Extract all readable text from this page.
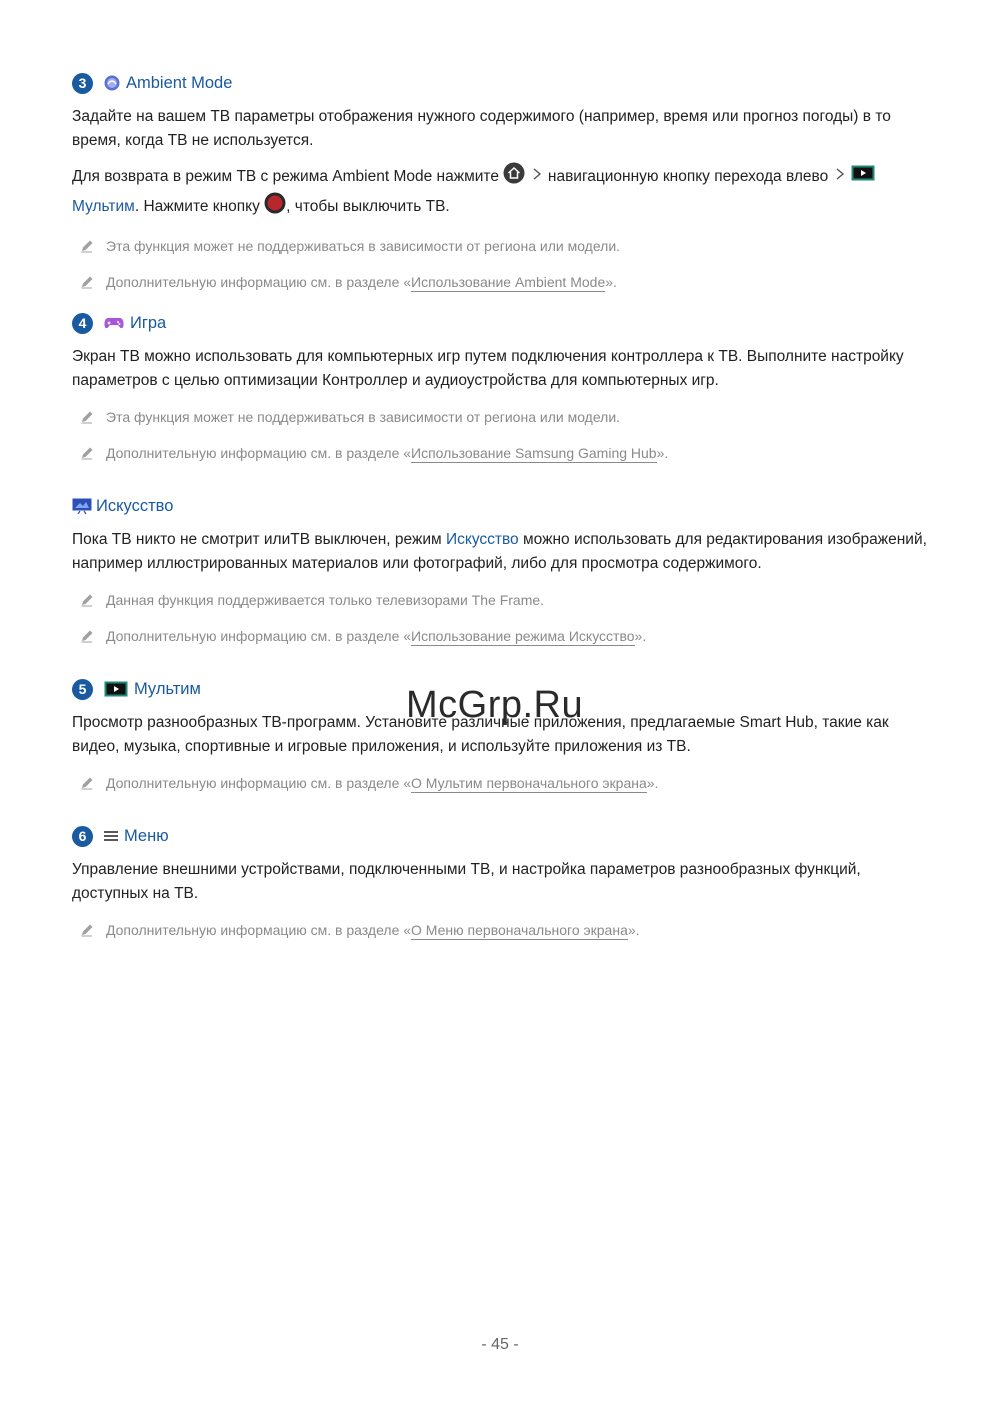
3	Ambient Mode
Задайте на вашем ТВ параметры отображения нужного содержимого (например, время или прогноз погоды) в то время, когда ТВ не используется.
Для возврата в режим ТВ с режима Ambient Mode нажмите	навигационную кнопку перехода влево
Мультим. Нажмите кнопку , чтобы выключить ТВ.
Эта функция может не поддерживаться в зависимости от региона или модели.
Дополнительную информацию см. в разделе «Использование Ambient Mode».
4	Игра
Экран ТВ можно использовать для компьютерных игр путем подключения контроллера к ТВ. Выполните настройку параметров с целью оптимизации Контроллер и аудиоустройства для компьютерных игр.
Эта функция может не поддерживаться в зависимости от региона или модели.
Дополнительную информацию см. в разделе «Использование Samsung Gaming Hub».
Искусство
Пока ТВ никто не смотрит илиТВ выключен, режим Искусство можно использовать для редактирования изображений, например иллюстрированных материалов или фотографий, либо для просмотра содержимого.
Данная функция поддерживается только телевизорами The Frame.
Дополнительную информацию см. в разделе «Использование режима Искусство».
5	Мультим
Просмотр разнообразных ТВ-программ. Установите различные приложения, предлагаемые Smart Hub, такие как видео, музыка, спортивные и игровые приложения, и используйте приложения из ТВ.
Дополнительную информацию см. в разделе «О Мультим первоначального экрана».
6	Меню
Управление внешними устройствами, подключенными ТВ, и настройка параметров разнообразных функций, доступных на ТВ.
Дополнительную информацию см. в разделе «О Меню первоначального экрана».
McGrp.Ru
- 45 -
